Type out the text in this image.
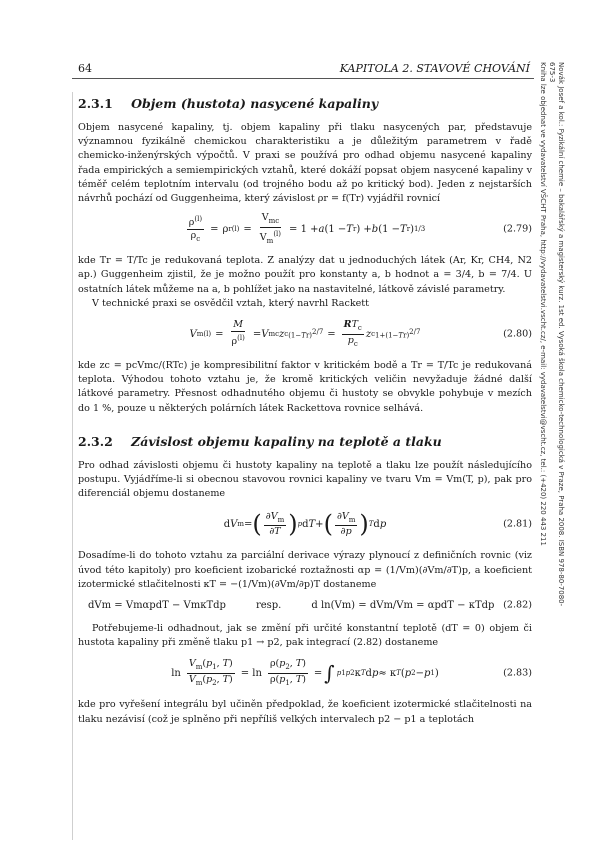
64	KAPITOLA 2. STAVOVÉ CHOVÁNÍ	Novák Josef a kol.: Fyzikální chemie – bakalářský a magisterský kurz. 1st ed. Vysoká škola chemicko-technologická v Praze, Praha 2008. ISBN 978-80-7080-675-3
Kniha lze objednat ve vydavatelství VŠCHT Praha, http://vydavatelstvi.vscht.cz/, e-mail: vydavatelstvi@vscht.cz, tel.: (+420) 220 443 211
2.3.1 Objem (hustota) nasycené kapaliny

Objem nasycené kapaliny, tj. objem kapaliny při tlaku nasycených par, představuje významnou fyzikálně chemickou charakteristiku a je důležitým parametrem v řadě chemicko-inženýrských výpočtů. V praxi se používá pro odhad objemu nasycené kapaliny řada empirických a semiempirických vztahů, které dokáží popsat objem nasycené kapaliny v téměř celém teplotním intervalu (od trojného bodu až po kritický bod). Jeden z nejstarších návrhů pochází od Guggenheima, který závislost ρr = f(Tr) vyjádřil rovnicí

$\frac{\rho^{(l)}}{\rho_c} = \rho$ r $(l) = \frac{V_{mc}}{V_m^{(l)}} = 1 + a$ (1 − T r ) + b (1 − T r ) 1/3	(2.79)

kde Tr = T/Tc je redukovaná teplota. Z analýzy dat u jednoduchých látek (Ar, Kr, CH4, N2 ap.) Guggenheim zjistil, že je možno použít pro konstanty a, b hodnot a = 3/4, b = 7/4. U ostatních látek můžeme na a, b pohlížet jako na nastavitelné, látkově závislé parametry.

V technické praxi se osvědčil vztah, který navrhl Rackett

V m $(l) = \frac{M}{\rho^{(l)}} = V$ mc z c $(1-Tr)^{2/7} = \frac{RT_c}{p_c}$ z c $1+(1-Tr)^{2/7}$	(2.80)

kde zc = pcVmc/(RTc) je kompresibilitní faktor v kritickém bodě a Tr = T/Tc je redukovaná teplota. Výhodou tohoto vztahu je, že kromě kritických veličin nevyžaduje žádné další látkové parametry. Přesnost odhadnutého objemu či hustoty se obvykle pohybuje v mezích do 1 %, pouze u některých polárních látek Rackettova rovnice selhává.

2.3.2 Závislost objemu kapaliny na teplotě a tlaku

Pro odhad závislosti objemu či hustoty kapaliny na teplotě a tlaku lze použít následujícího postupu. Vyjádříme-li si obecnou stavovou rovnici kapaliny ve tvaru Vm = Vm(T, p), pak pro diferenciál objemu dostaneme

d V m = ( $\frac{\partial V_m}{\partial T}$ ) p d T + ( $\frac{\partial V_m}{\partial p}$ ) T d p	(2.81)

Dosadíme-li do tohoto vztahu za parciální derivace výrazy plynoucí z definičních rovnic (viz úvod této kapitoly) pro koeficient izobarické roztažnosti αp = (1/Vm)(∂Vm/∂T)p, a koeficient izotermické stlačitelnosti κT = −(1/Vm)(∂Vm/∂p)T dostaneme

dVm = VmαpdT − VmκTdp	resp.	d ln(Vm) = dVm/Vm = αpdT − κTdp (2.82)

Potřebujeme-li odhadnout, jak se změní při určité konstantní teplotě (dT = 0) objem či hustota kapaliny při změně tlaku p1 → p2, pak integrací (2.82) dostaneme

$\ln \frac{V_m(p_1, T)}{V_m(p_2, T)} = \ln \frac{\rho(p_2, T)}{\rho(p_1, T)}$ = ∫ p1 p2 κ T d p ≈ κ T ( p 2 − p 1 )	(2.83)

kde pro vyřešení integrálu byl učiněn předpoklad, že koeficient izotermické stlačitelnosti na tlaku nezávisí (což je splněno při nepříliš velkých intervalech p2 − p1 a teplotách
